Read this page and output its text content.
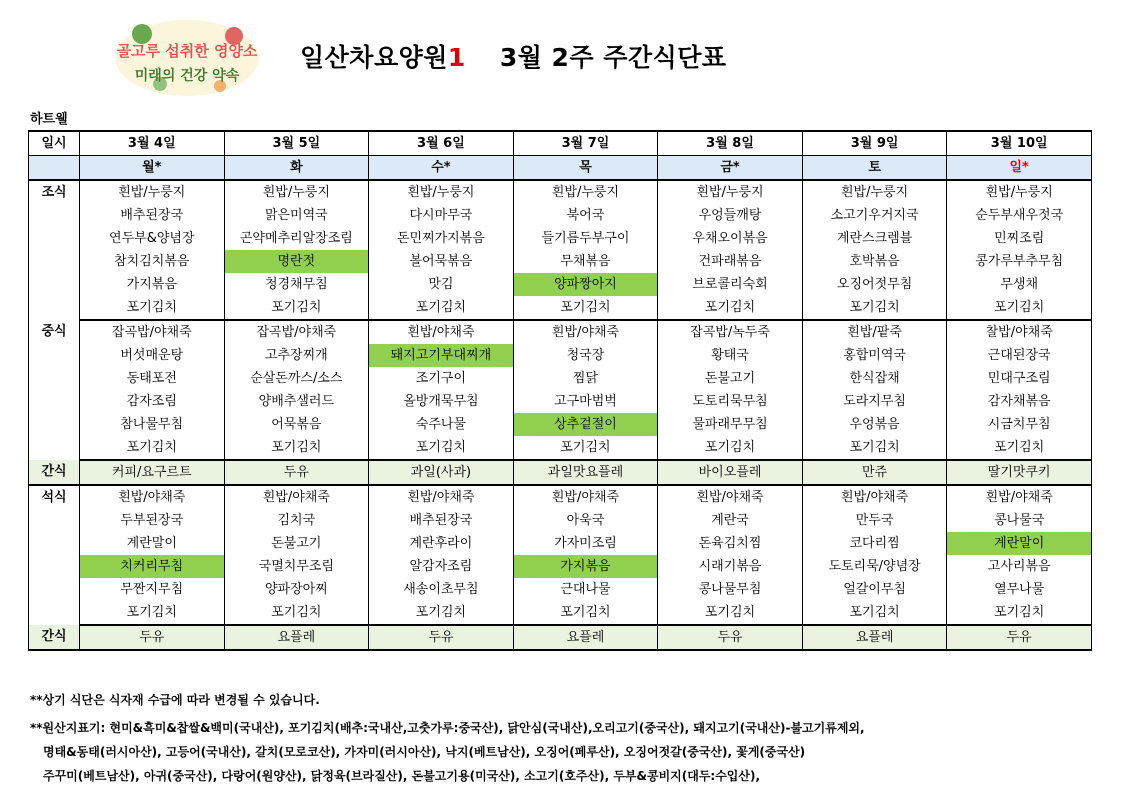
골고루 섭취한 영양소
미래의 건강 약속
일산차요양원1 3월 2주 주간식단표
하트웰
일시	3월 4일	3월 5일	3월 6일	3월 7일	3월 8일	3월 9일	3월 10일
	월*	화	수*	목	금*	토	일*
조식	흰밥/누룽지	흰밥/누룽지	흰밥/누룽지	흰밥/누룽지	흰밥/누룽지	흰밥/누룽지	흰밥/누룽지
	배추된장국	맑은미역국	다시마무국	북어국	우엉들깨탕	소고기우거지국	순두부새우젓국
	연두부&양념장	곤약메추리알장조림	돈민찌가지볶음	들기름두부구이	우채오이볶음	계란스크렘블	민찌조림
	참치김치볶음	명란젓	볼어묵볶음	무채볶음	건파래볶음	호박볶음	콩가루부추무침
	가지볶음	청경채무침	맛김	양파짱아지	브로콜리숙회	오징어젓무침	무생채
	포기김치	포기김치	포기김치	포기김치	포기김치	포기김치	포기김치
중식	잡곡밥/야채죽	잡곡밥/야채죽	흰밥/야채죽	흰밥/야채죽	잡곡밥/녹두죽	흰밥/팥죽	찰밥/야채죽
	버섯매운탕	고추장찌개	돼지고기부대찌개	청국장	황태국	홍합미역국	근대된장국
	동태포전	순살돈까스/소스	조기구이	찜닭	돈불고기	한식잡채	민대구조림
	감자조림	양배추샐러드	올방개묵무침	고구마범벅	도토리묵무침	도라지무침	감자채볶음
	참나물무침	어묵볶음	숙주나물	상추겉절이	물파래무무침	우엉볶음	시금치무침
	포기김치	포기김치	포기김치	포기김치	포기김치	포기김치	포기김치
간식	커피/요구르트	두유	과일(사과)	과일맛요플레	바이오플레	만쥬	딸기맛쿠키
석식	흰밥/야채죽	흰밥/야채죽	흰밥/야채죽	흰밥/야채죽	흰밥/야채죽	흰밥/야채죽	흰밥/야채죽
	두부된장국	김치국	배추된장국	아욱국	계란국	만두국	콩나물국
	계란말이	돈불고기	계란후라이	가자미조림	돈육김치찜	코다리찜	계란말이
	치커리무침	국멸치무조림	알감자조림	가지볶음	시래기볶음	도토리묵/양념장	고사리볶음
	무짠지무침	양파장아찌	새송이초무침	근대나물	콩나물무침	얼갈이무침	열무나물
	포기김치	포기김치	포기김치	포기김치	포기김치	포기김치	포기김치
간식	두유	요플레	두유	요플레	두유	요플레	두유
**상기 식단은 식자재 수급에 따라 변경될 수 있습니다.
**원산지표기: 현미&흑미&찹쌀&백미(국내산), 포기김치(배추:국내산,고춧가루:중국산), 닭안심(국내산),오리고기(중국산), 돼지고기(국내산)-불고기류제외,
명태&동태(러시아산), 고등어(국내산), 갈치(모로코산), 가자미(러시아산), 낙지(베트남산), 오징어(페루산), 오징어젓갈(중국산), 꽃게(중국산)
주꾸미(베트남산), 아귀(중국산), 다랑어(원양산), 닭정육(브라질산), 돈불고기용(미국산), 소고기(호주산), 두부&콩비지(대두:수입산),
